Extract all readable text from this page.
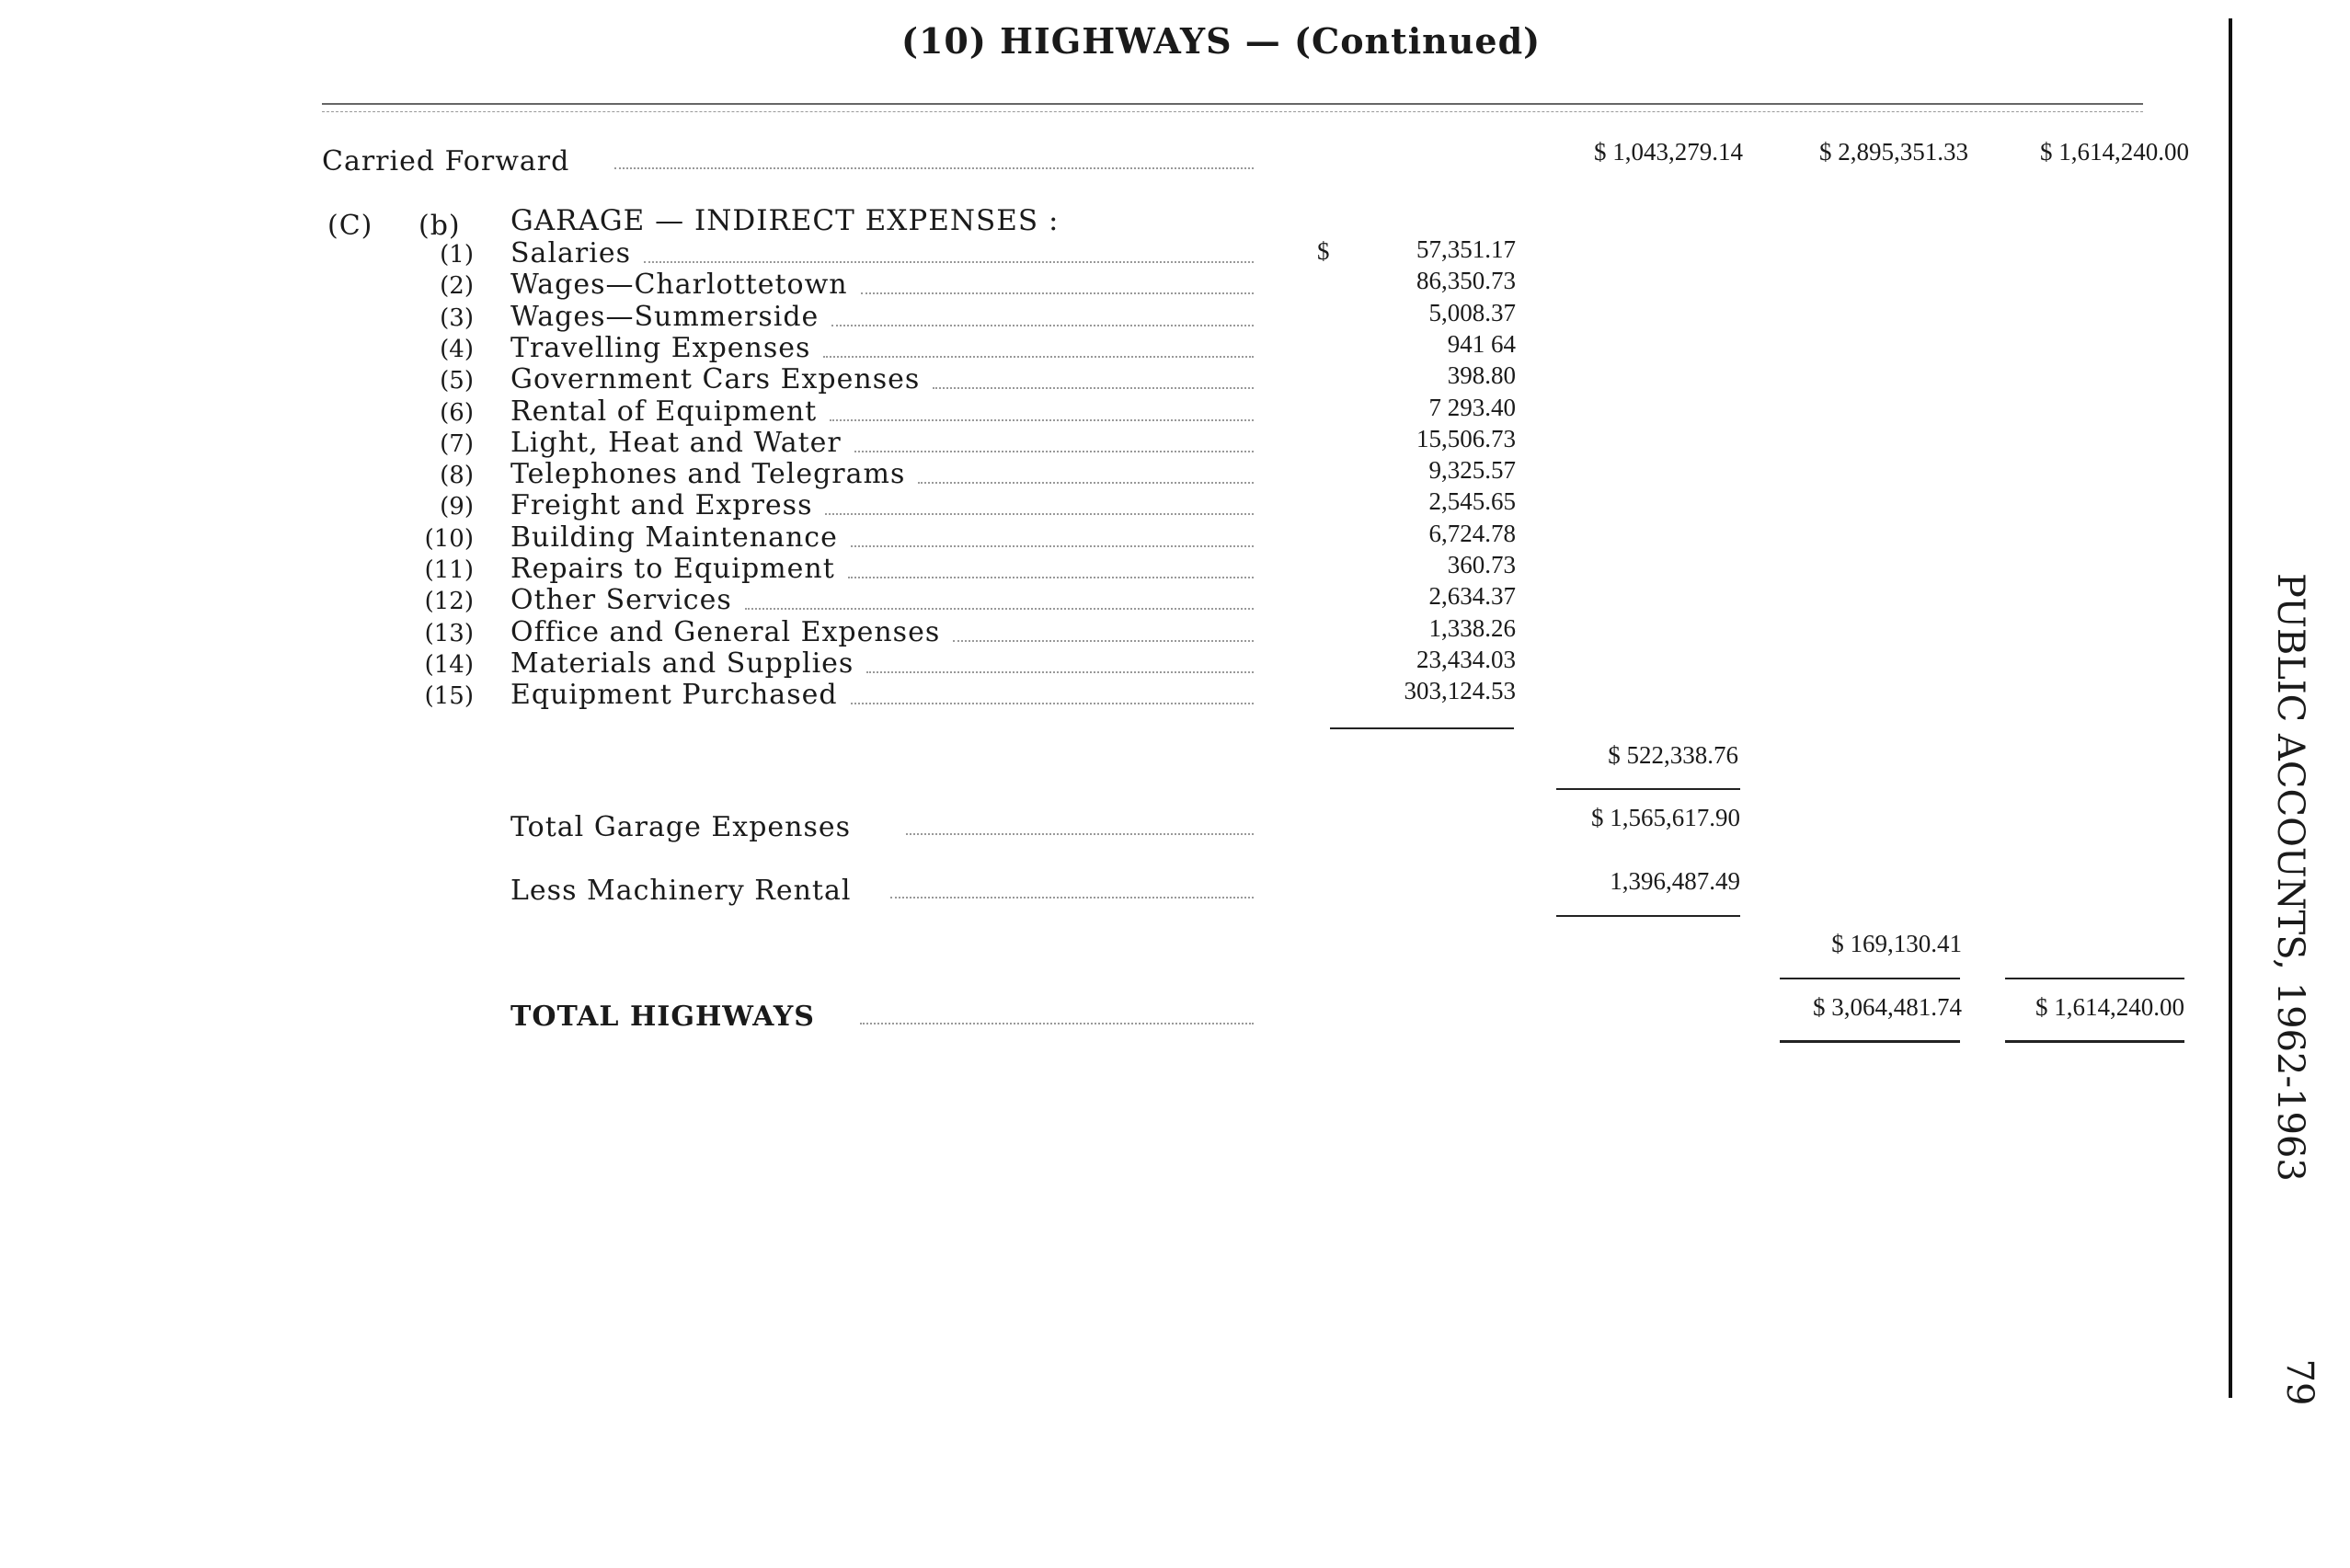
(10) HIGHWAYS — (Continued)
Carried Forward	$ 1,043,279.14	$ 2,895,351.33	$ 1,614,240.00
(C) (b) GARAGE — INDIRECT EXPENSES :
(1) Salaries	57,351.17
(2) Wages—Charlottetown	86,350.73
(3) Wages—Summerside	5,008.37
(4) Travelling Expenses	941 64
(5) Government Cars Expenses	398.80
(6) Rental of Equipment	7 293.40
(7) Light, Heat and Water	15,506.73
(8) Telephones and Telegrams	9,325.57
(9) Freight and Express	2,545.65
(10) Building Maintenance	6,724.78
(11) Repairs to Equipment	360.73
(12) Other Services	2,634.37
(13) Office and General Expenses	1,338.26
(14) Materials and Supplies	23,434.03
(15) Equipment Purchased	303,124.53
$
$ 522,338.76
Total Garage Expenses	$ 1,565,617.90
Less Machinery Rental	1,396,487.49
$ 169,130.41
TOTAL HIGHWAYS	$ 3,064,481.74	$ 1,614,240.00 PUBLIC ACCOUNTS, 1962-1963
79
